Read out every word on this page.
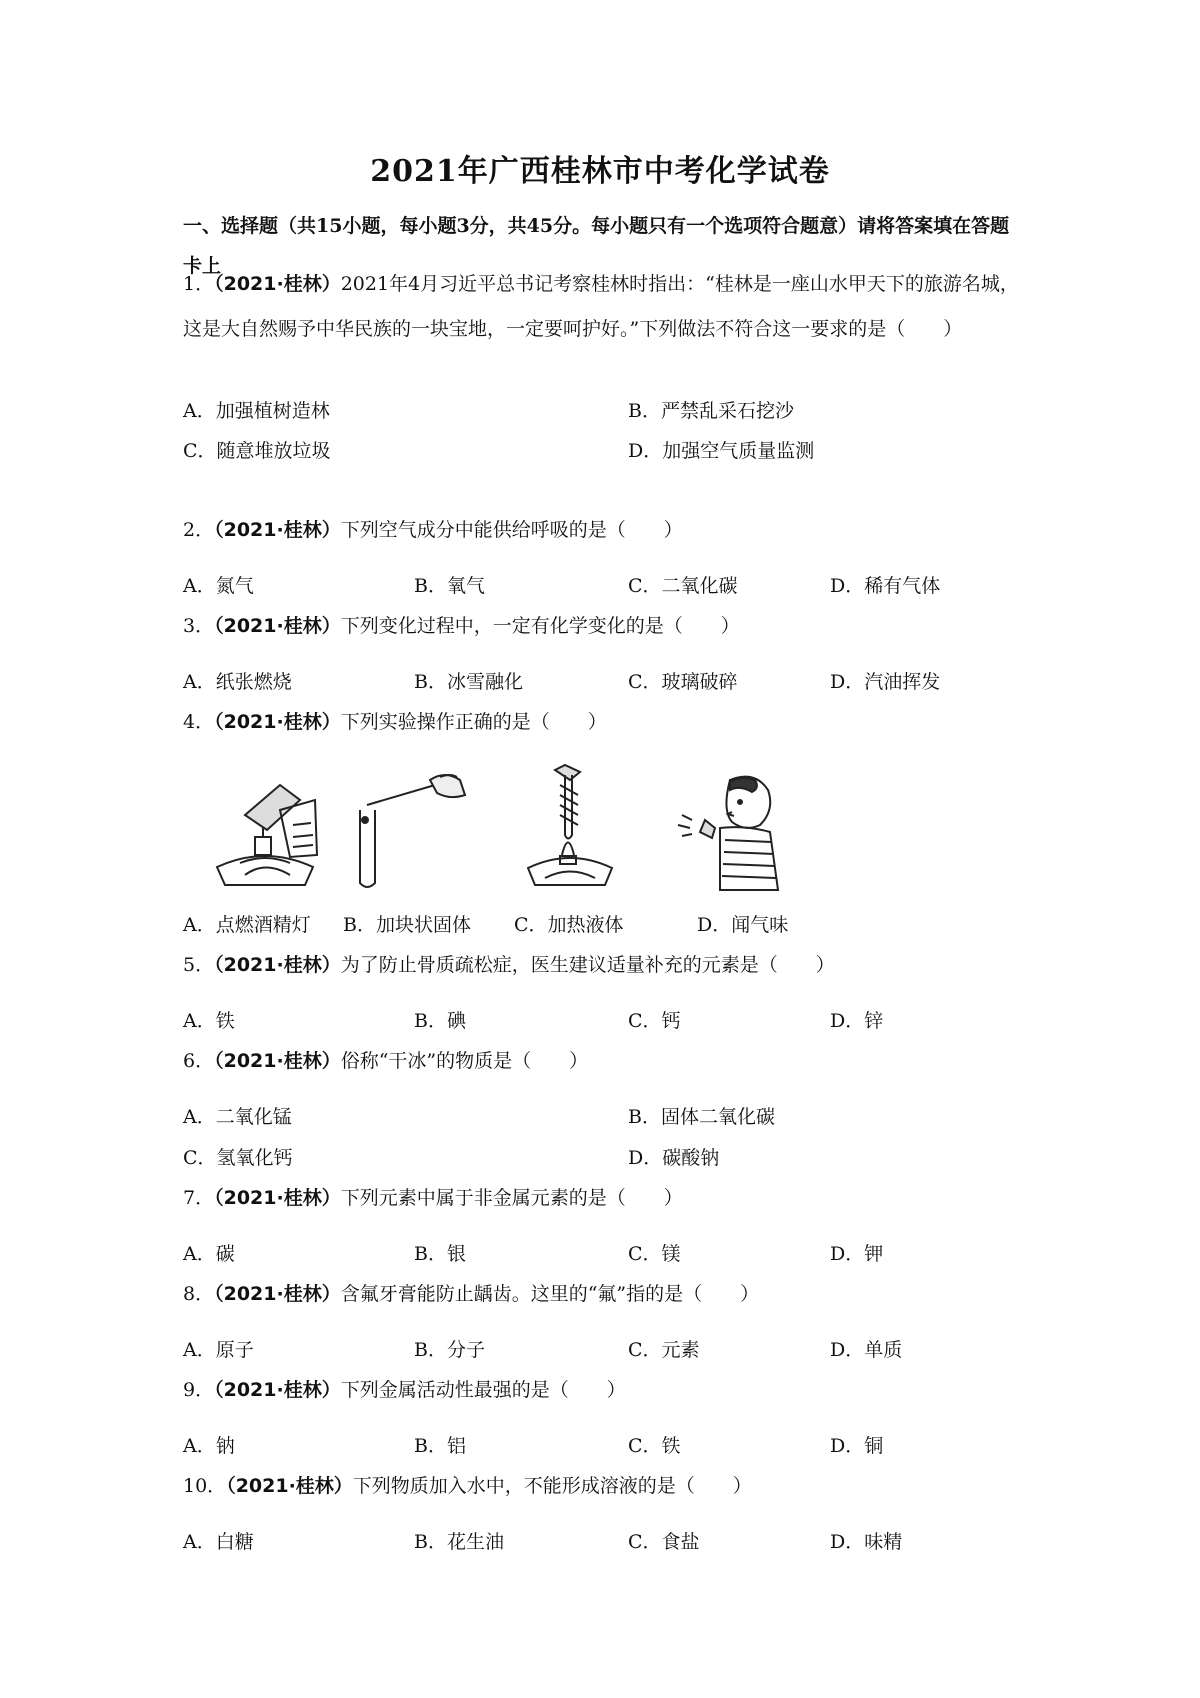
2021年广西桂林市中考化学试卷
一、选择题（共15小题，每小题3分，共45分。每小题只有一个选项符合题意）请将答案填在答题卡上
1．（2021·桂林）2021年4月习近平总书记考察桂林时指出：“桂林是一座山水甲天下的旅游名城，这是大自然赐予中华民族的一块宝地，一定要呵护好。”下列做法不符合这一要求的是（　　）
A．加强植树造林	B．严禁乱采石挖沙
C．随意堆放垃圾	D．加强空气质量监测
2．（2021·桂林）下列空气成分中能供给呼吸的是（　　）
A．氮气	B．氧气	C．二氧化碳	D．稀有气体
3．（2021·桂林）下列变化过程中，一定有化学变化的是（　　）
A．纸张燃烧	B．冰雪融化	C．玻璃破碎	D．汽油挥发
4．（2021·桂林）下列实验操作正确的是（　　）
A．点燃酒精灯 B．加块状固体 C．加热液体	D．闻气味
5．（2021·桂林）为了防止骨质疏松症，医生建议适量补充的元素是（　　）
A．铁	B．碘	C．钙	D．锌
6．（2021·桂林）俗称“干冰”的物质是（　　）
A．二氧化锰	B．固体二氧化碳
C．氢氧化钙	D．碳酸钠
7．（2021·桂林）下列元素中属于非金属元素的是（　　）
A．碳	B．银	C．镁	D．钾
8．（2021·桂林）含氟牙膏能防止龋齿。这里的“氟”指的是（　　）
A．原子	B．分子	C．元素	D．单质
9．（2021·桂林）下列金属活动性最强的是（　　）
A．钠	B．铝	C．铁	D．铜
10．（2021·桂林）下列物质加入水中，不能形成溶液的是（　　）
A．白糖	B．花生油	C．食盐	D．味精
